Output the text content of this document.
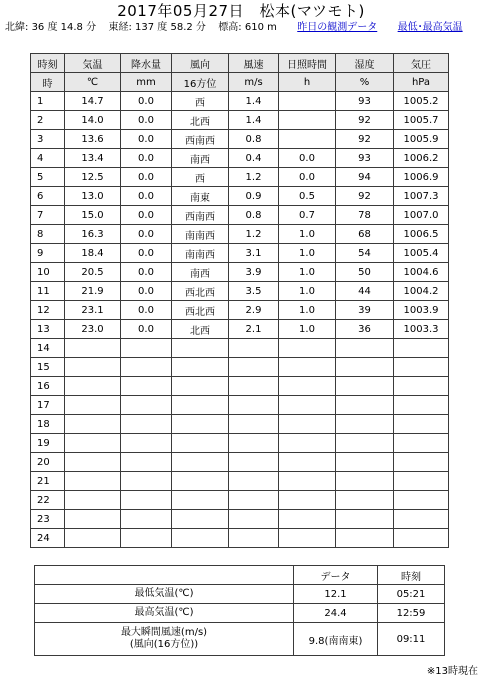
2017年05月27日　松本(マツモト)
北緯: 36 度 14.8 分 東経: 137 度 58.2 分 標高: 610 m 昨日の観測データ 最低･最高気温
時刻	気温	降水量	風向	風速	日照時間	湿度	気圧
時	℃	mm	16方位	m/s	h	%	hPa
1	14.7	0.0	西	1.4		93	1005.2
2	14.0	0.0	北西	1.4		92	1005.7
3	13.6	0.0	西南西	0.8		92	1005.9
4	13.4	0.0	南西	0.4	0.0	93	1006.2
5	12.5	0.0	西	1.2	0.0	94	1006.9
6	13.0	0.0	南東	0.9	0.5	92	1007.3
7	15.0	0.0	西南西	0.8	0.7	78	1007.0
8	16.3	0.0	南南西	1.2	1.0	68	1006.5
9	18.4	0.0	南南西	3.1	1.0	54	1005.4
10	20.5	0.0	南西	3.9	1.0	50	1004.6
11	21.9	0.0	西北西	3.5	1.0	44	1004.2
12	23.1	0.0	西北西	2.9	1.0	39	1003.9
13	23.0	0.0	北西	2.1	1.0	36	1003.3
14							
15							
16							
17							
18							
19							
20							
21							
22							
23							
24							
	データ	時刻
最低気温(℃)	12.1	05:21
最高気温(℃)	24.4	12:59
最大瞬間風速(m/s)
(風向(16方位))	9.8(南南東)	09:11
※13時現在
